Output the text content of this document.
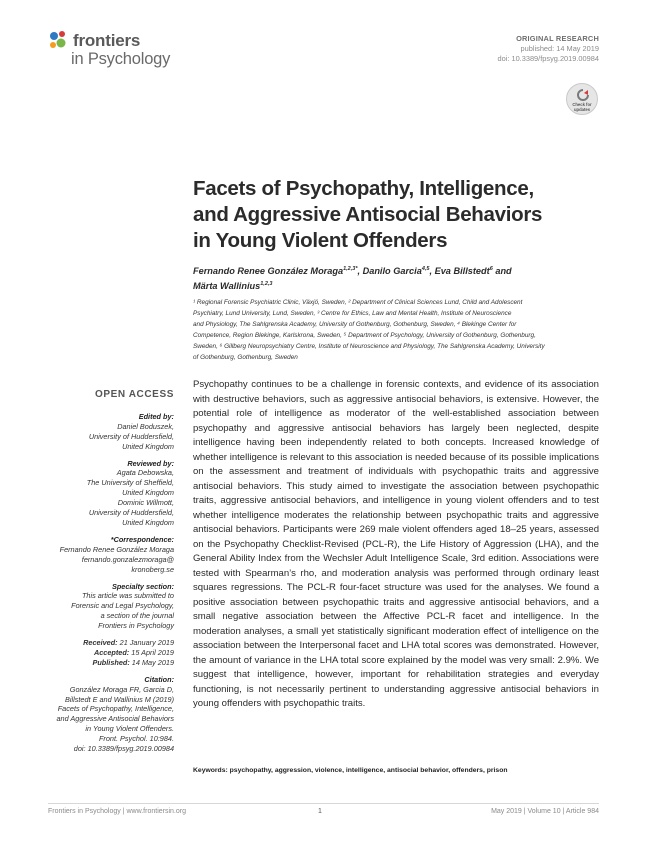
frontiers
in Psychology
ORIGINAL RESEARCH
published: 14 May 2019
doi: 10.3389/fpsyg.2019.00984
Check for updates
Facets of Psychopathy, Intelligence,
and Aggressive Antisocial Behaviors
in Young Violent Offenders
Fernando Renee González Moraga$^{1,2,3*}$, Danilo Garcia$^{4,5}$, Eva Billstedt$^6$ and
Märta Wallinius$^{1,2,3}$
¹ Regional Forensic Psychiatric Clinic, Växjö, Sweden, ² Department of Clinical Sciences Lund, Child and Adolescent
Psychiatry, Lund University, Lund, Sweden, ³ Centre for Ethics, Law and Mental Health, Institute of Neuroscience
and Physiology, The Sahlgrenska Academy, University of Gothenburg, Gothenburg, Sweden, ⁴ Blekinge Center for
Competence, Region Blekinge, Karlskrona, Sweden, ⁵ Department of Psychology, University of Gothenburg, Gothenburg,
Sweden, ⁶ Gillberg Neuropsychiatry Centre, Institute of Neuroscience and Physiology, The Sahlgrenska Academy, University
of Gothenburg, Gothenburg, Sweden
OPEN ACCESS
Edited by:
Daniel Boduszek,
University of Huddersfield,
United Kingdom
Reviewed by:
Agata Debowska,
The University of Sheffield,
United Kingdom
Dominic Willmott,
University of Huddersfield,
United Kingdom
*Correspondence:
Fernando Renee González Moraga
fernando.gonzalezmoraga@
kronoberg.se
Specialty section:
This article was submitted to
Forensic and Legal Psychology,
a section of the journal
Frontiers in Psychology
Received: 21 January 2019
Accepted: 15 April 2019
Published: 14 May 2019
Citation:
González Moraga FR, Garcia D,
Billstedt E and Wallinius M (2019)
Facets of Psychopathy, Intelligence,
and Aggressive Antisocial Behaviors
in Young Violent Offenders.
Front. Psychol. 10:984.
doi: 10.3389/fpsyg.2019.00984
Psychopathy continues to be a challenge in forensic contexts, and evidence of its association with destructive behaviors, such as aggressive antisocial behaviors, is extensive. However, the potential role of intelligence as moderator of the well-established association between psychopathy and aggressive antisocial behaviors has largely been neglected, despite intelligence having been independently related to both concepts. Increased knowledge of whether intelligence is relevant to this association is needed because of its possible implications on the assessment and treatment of individuals with psychopathic traits and aggressive antisocial behaviors. This study aimed to investigate the association between psychopathic traits, aggressive antisocial behaviors, and intelligence in young violent offenders and to test whether intelligence moderates the relationship between psychopathic traits and aggressive antisocial behaviors. Participants were 269 male violent offenders aged 18–25 years, assessed on the Psychopathy Checklist-Revised (PCL-R), the Life History of Aggression (LHA), and the General Ability Index from the Wechsler Adult Intelligence Scale, 3rd edition. Associations were tested with Spearman’s rho, and moderation analysis was performed through ordinary least squares regressions. The PCL-R four-facet structure was used for the analyses. We found a positive association between psychopathic traits and aggressive antisocial behaviors, and a small negative association between the Affective PCL-R facet and intelligence. In the moderation analyses, a small yet statistically significant moderation effect of intelligence on the association between the Interpersonal facet and LHA total scores was demonstrated. However, the amount of variance in the LHA total score explained by the model was very small: 2.9%. We suggest that intelligence, however, important for rehabilitation strategies and everyday functioning, is not necessarily pertinent to understanding aggressive antisocial behaviors in young offenders with psychopathic traits.
Keywords: psychopathy, aggression, violence, intelligence, antisocial behavior, offenders, prison
Frontiers in Psychology | www.frontiersin.org	1	May 2019 | Volume 10 | Article 984
